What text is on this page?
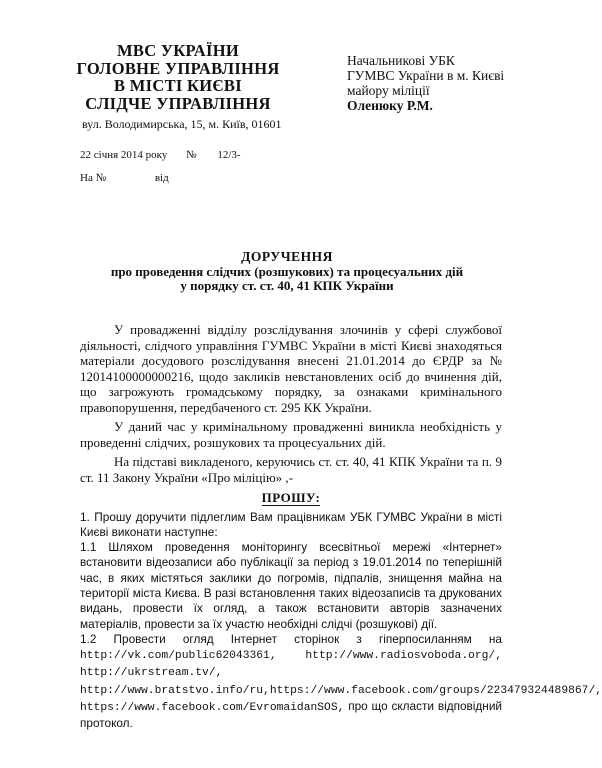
МВС УКРАЇНИ
ГОЛОВНЕ УПРАВЛІННЯ
В МІСТІ КИЄВІ
СЛІДЧЕ УПРАВЛІННЯ
вул. Володимирська, 15, м. Київ, 01601
22 січня 2014 року № 12/3-
На №	від
Начальникові УБК
ГУМВС України в м. Києві
майору міліції
Оленюку Р.М.
ДОРУЧЕННЯ
про проведення слідчих (розшукових) та процесуальних дій
у порядку ст. ст. 40, 41 КПК України

У провадженні відділу розслідування злочинів у сфері службової діяльності, слідчого управління ГУМВС України в місті Києві знаходяться матеріали досудового розслідування внесені 21.01.2014 до ЄРДР за № 12014100000000216, щодо закликів невстановлених осіб до вчинення дій, що загрожують громадському порядку, за ознаками кримінального правопорушення, передбаченого ст. 295 КК України.

У даний час у кримінальному провадженні виникла необхідність у проведенні слідчих, розшукових та процесуальних дій.

На підставі викладеного, керуючись ст. ст. 40, 41 КПК України та п. 9 ст. 11 Закону України «Про міліцію» ,-

ПРОШУ:

1. Прошу доручити підлеглим Вам працівникам УБК ГУМВС України в місті Києві виконати наступне:

1.1 Шляхом проведення моніторингу всесвітньої мережі «Інтернет» встановити відеозаписи або публікації за період з 19.01.2014 по теперішній час, в яких містяться заклики до погромів, підпалів, знищення майна на території міста Києва. В разі встановлення таких відеозаписів та друкованих видань, провести їх огляд, а також встановити авторів зазначених матеріалів, провести за їх участю необхідні слідчі (розшукові) дії.

1.2 Провести огляд Інтернет сторінок з гіперпосиланням на http://vk.com/public62043361, http://www.radiosvoboda.org/, http://ukrstream.tv/, http://www.bratstvo.info/ru,https://www.facebook.com/groups/223479324489867/, https://www.facebook.com/EvromaidanSOS, про що скласти відповідний протокол.
